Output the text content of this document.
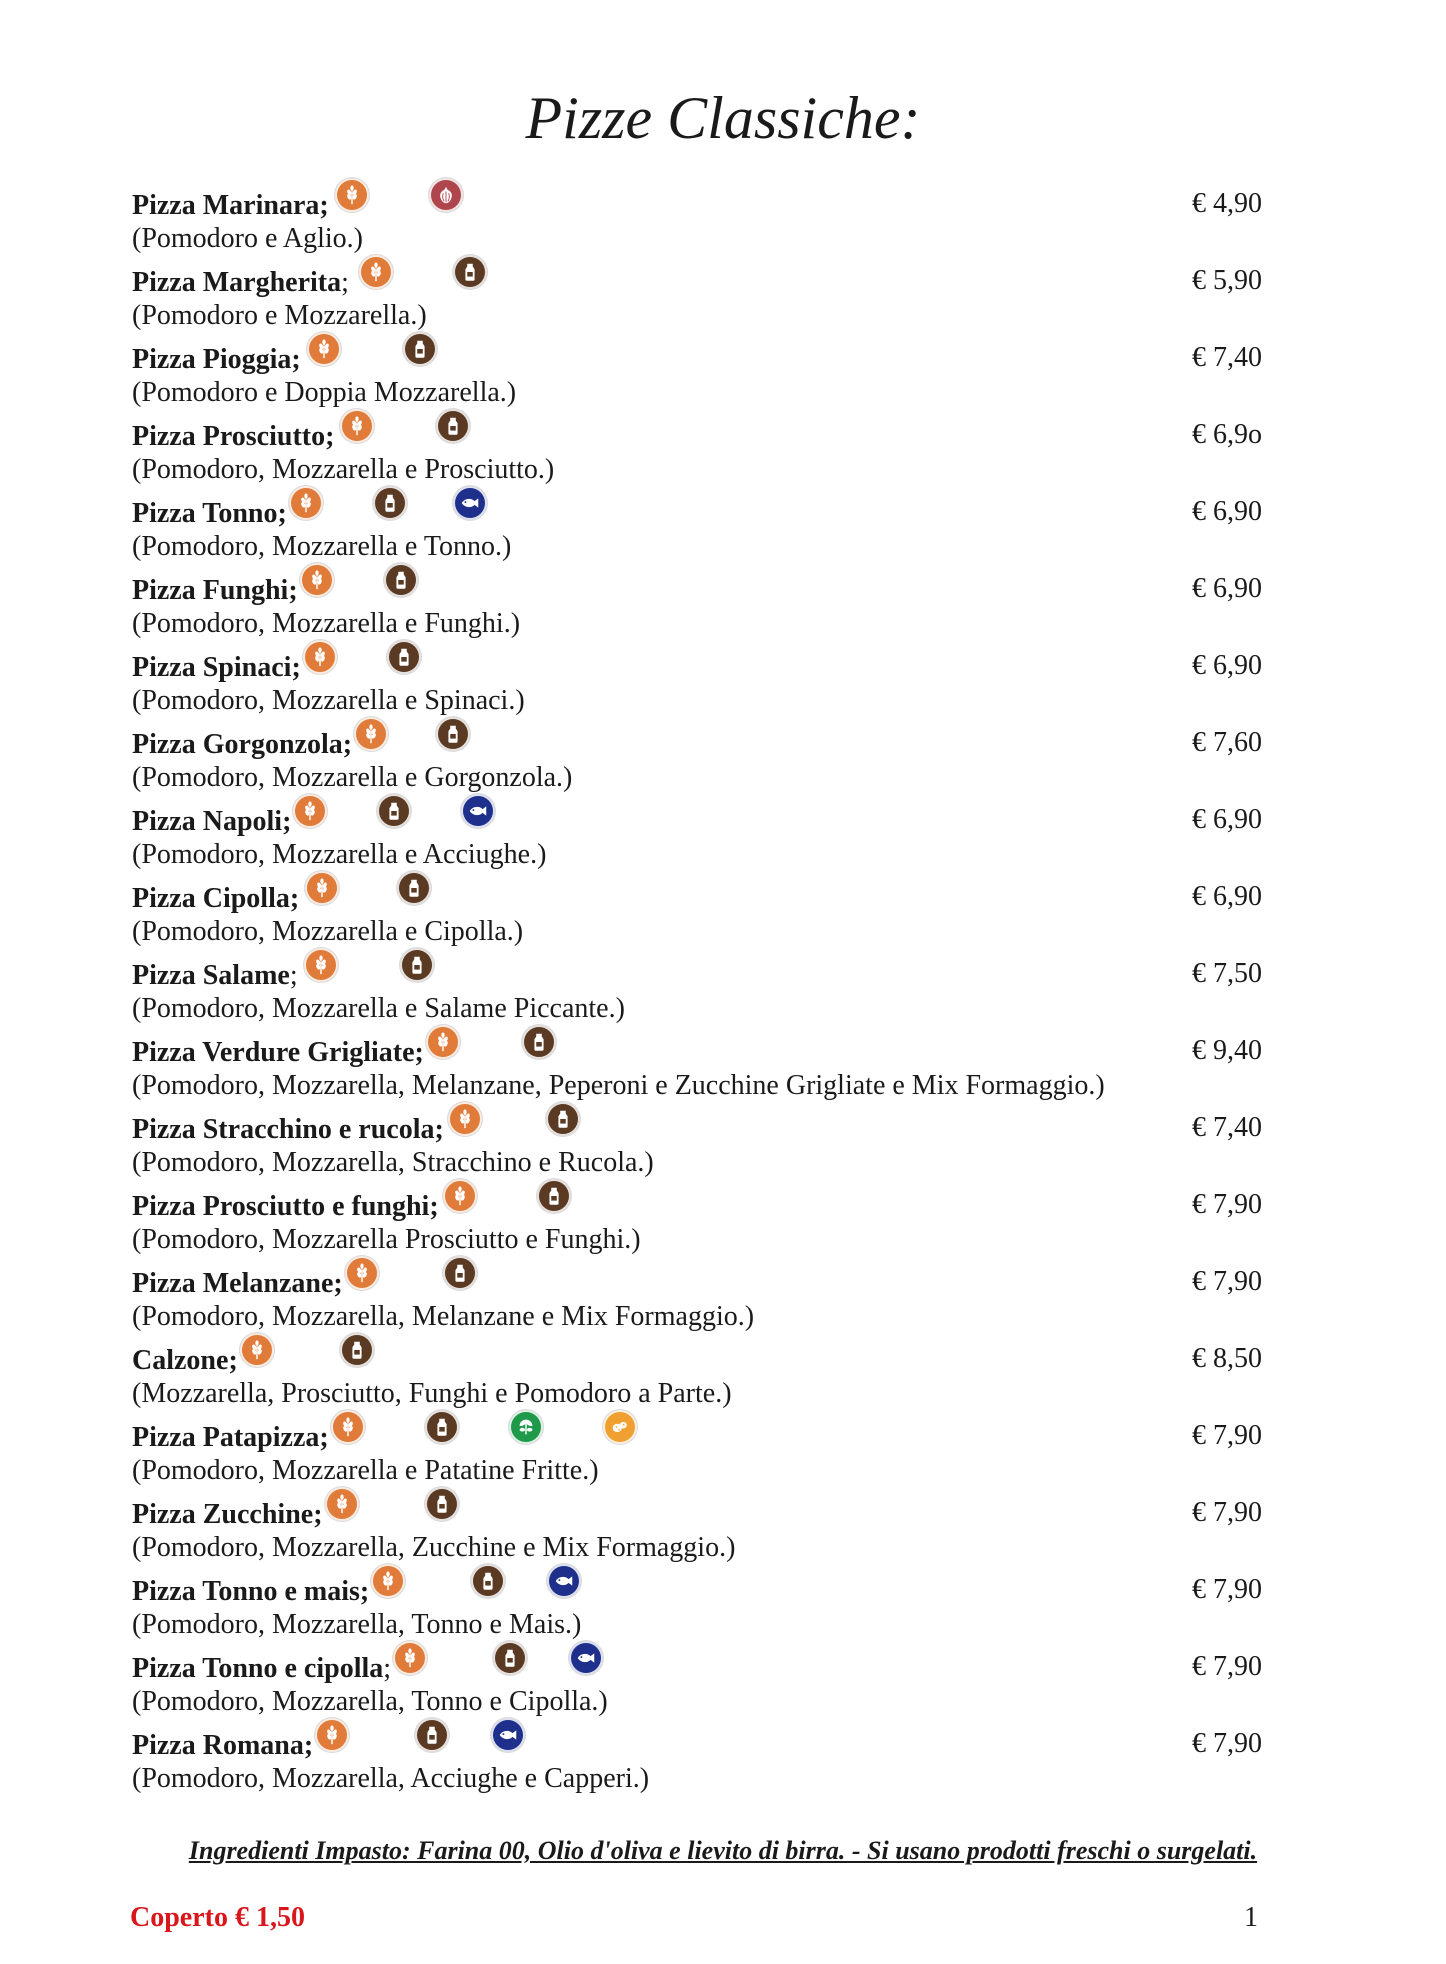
Pizze Classiche:
Pizza Marinara;
(Pomodoro e Aglio.)
€ 4,90
Pizza Margherita;
(Pomodoro e Mozzarella.)
€ 5,90
Pizza Pioggia;
(Pomodoro e Doppia Mozzarella.)
€ 7,40
Pizza Prosciutto;
(Pomodoro, Mozzarella e Prosciutto.)
€ 6,9o
Pizza Tonno;
(Pomodoro, Mozzarella e Tonno.)
€ 6,90
Pizza Funghi;
(Pomodoro, Mozzarella e Funghi.)
€ 6,90
Pizza Spinaci;
(Pomodoro, Mozzarella e Spinaci.)
€ 6,90
Pizza Gorgonzola;
(Pomodoro, Mozzarella e Gorgonzola.)
€ 7,60
Pizza Napoli;
(Pomodoro, Mozzarella e Acciughe.)
€ 6,90
Pizza Cipolla;
(Pomodoro, Mozzarella e Cipolla.)
€ 6,90
Pizza Salame;
(Pomodoro, Mozzarella e Salame Piccante.)
€ 7,50
Pizza Verdure Grigliate;
(Pomodoro, Mozzarella, Melanzane, Peperoni e Zucchine Grigliate e Mix Formaggio.)
€ 9,40
Pizza Stracchino e rucola;
(Pomodoro, Mozzarella, Stracchino e Rucola.)
€ 7,40
Pizza Prosciutto e funghi;
(Pomodoro, Mozzarella Prosciutto e Funghi.)
€ 7,90
Pizza Melanzane;
(Pomodoro, Mozzarella, Melanzane e Mix Formaggio.)
€ 7,90
Calzone;
(Mozzarella, Prosciutto, Funghi e Pomodoro a Parte.)
€ 8,50
Pizza Patapizza;
(Pomodoro, Mozzarella e Patatine Fritte.)
€ 7,90
Pizza Zucchine;
(Pomodoro, Mozzarella, Zucchine e Mix Formaggio.)
€ 7,90
Pizza Tonno e mais;
(Pomodoro, Mozzarella, Tonno e Mais.)
€ 7,90
Pizza Tonno e cipolla;
(Pomodoro, Mozzarella, Tonno e Cipolla.)
€ 7,90
Pizza Romana;
(Pomodoro, Mozzarella, Acciughe e Capperi.)
€ 7,90
Ingredienti Impasto: Farina 00, Olio d'oliva e lievito di birra. - Si usano prodotti freschi o surgelati.
Coperto € 1,50	1
